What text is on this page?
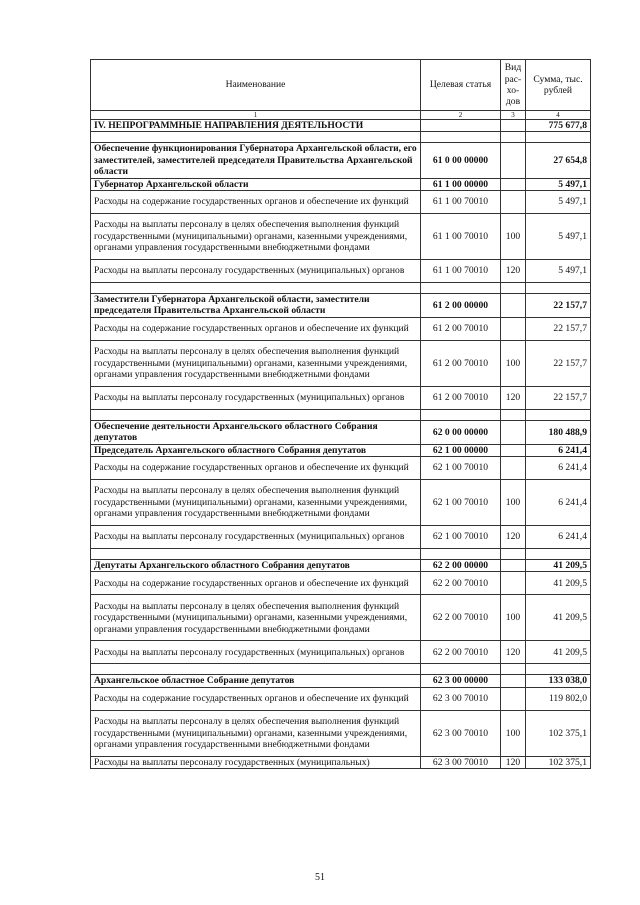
Наименование	Целевая статья	Вид рас-хо-дов	Сумма, тыс. рублей
1	2	3	4
IV. НЕПРОГРАММНЫЕ НАПРАВЛЕНИЯ ДЕЯТЕЛЬНОСТИ			775 677,8

Обеспечение функционирования Губернатора Архангельской области, его заместителей, заместителей председателя Правительства Архангельской области	61 0 00 00000		27 654,8
Губернатор Архангельской области	61 1 00 00000		5 497,1
Расходы на содержание государственных органов и обеспечение их функций	61 1 00 70010		5 497,1
Расходы на выплаты персоналу в целях обеспечения выполнения функций государственными (муниципальными) органами, казенными учреждениями, органами управления государственными внебюджетными фондами	61 1 00 70010	100	5 497,1
Расходы на выплаты персоналу государственных (муниципальных) органов	61 1 00 70010	120	5 497,1

Заместители Губернатора Архангельской области, заместители председателя Правительства Архангельской области	61 2 00 00000		22 157,7
Расходы на содержание государственных органов и обеспечение их функций	61 2 00 70010		22 157,7
Расходы на выплаты персоналу в целях обеспечения выполнения функций государственными (муниципальными) органами, казенными учреждениями, органами управления государственными внебюджетными фондами	61 2 00 70010	100	22 157,7
Расходы на выплаты персоналу государственных (муниципальных) органов	61 2 00 70010	120	22 157,7

Обеспечение деятельности Архангельского областного Собрания депутатов	62 0 00 00000		180 488,9
Председатель Архангельского областного Собрания депутатов	62 1 00 00000		6 241,4
Расходы на содержание государственных органов и обеспечение их функций	62 1 00 70010		6 241,4
Расходы на выплаты персоналу в целях обеспечения выполнения функций государственными (муниципальными) органами, казенными учреждениями, органами управления государственными внебюджетными фондами	62 1 00 70010	100	6 241,4
Расходы на выплаты персоналу государственных (муниципальных) органов	62 1 00 70010	120	6 241,4

Депутаты Архангельского областного Собрания депутатов	62 2 00 00000		41 209,5
Расходы на содержание государственных органов и обеспечение их функций	62 2 00 70010		41 209,5
Расходы на выплаты персоналу в целях обеспечения выполнения функций государственными (муниципальными) органами, казенными учреждениями, органами управления государственными внебюджетными фондами	62 2 00 70010	100	41 209,5
Расходы на выплаты персоналу государственных (муниципальных) органов	62 2 00 70010	120	41 209,5

Архангельское областное Собрание депутатов	62 3 00 00000		133 038,0
Расходы на содержание государственных органов и обеспечение их функций	62 3 00 70010		119 802,0
Расходы на выплаты персоналу в целях обеспечения выполнения функций государственными (муниципальными) органами, казенными учреждениями, органами управления государственными внебюджетными фондами	62 3 00 70010	100	102 375,1
Расходы на выплаты персоналу государственных (муниципальных)	62 3 00 70010	120	102 375,1
51
